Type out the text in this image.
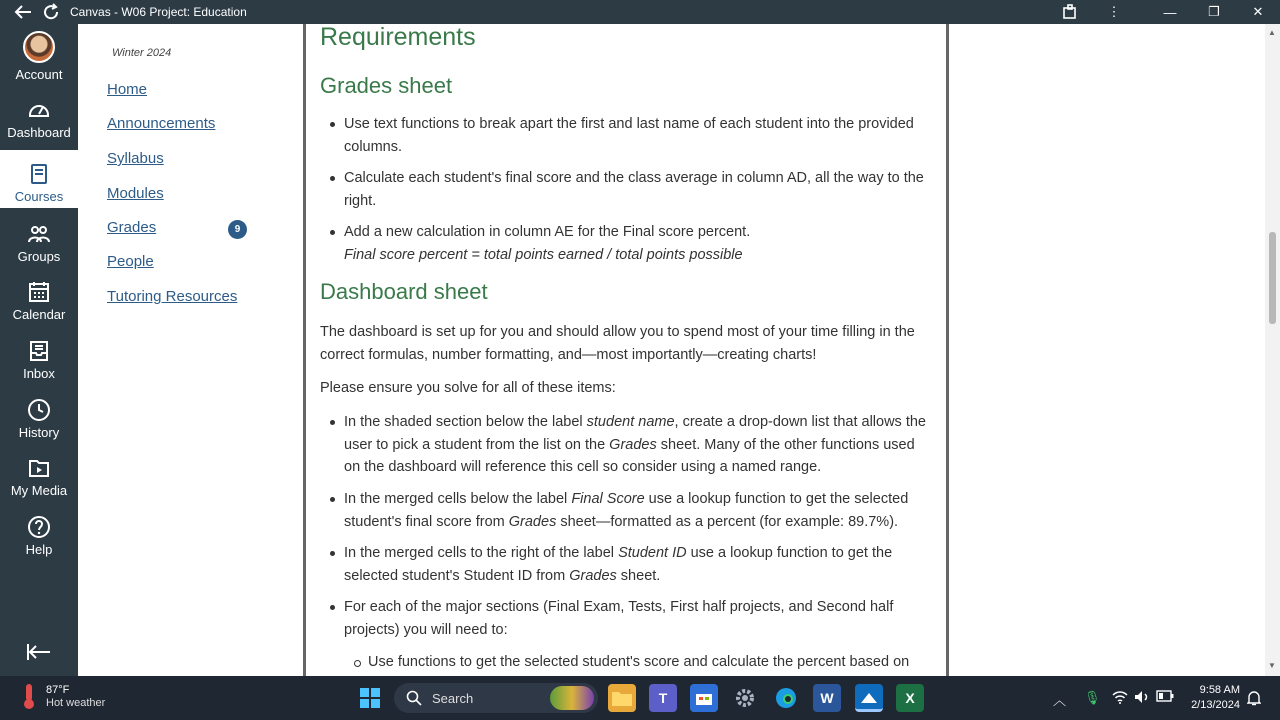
Canvas - W06 Project: Education	⋮	—	❐	✕
Account
Dashboard
Courses
Groups
Calendar
Inbox
History
My Media
Help
Winter 2024
Home
Announcements
Syllabus
Modules
Grades	9
People
Tutoring Resources
Requirements
Grades sheet
Use text functions to break apart the first and last name of each student into the provided columns.
Calculate each student's final score and the class average in column AD, all the way to the right.
Add a new calculation in column AE for the Final score percent.
Final score percent = total points earned / total points possible
Dashboard sheet
The dashboard is set up for you and should allow you to spend most of your time filling in the correct formulas, number formatting, and—most importantly—creating charts!
Please ensure you solve for all of these items:
In the shaded section below the label student name, create a drop-down list that allows the user to pick a student from the list on the Grades sheet. Many of the other functions used on the dashboard will reference this cell so consider using a named range.
In the merged cells below the label Final Score use a lookup function to get the selected student's final score from Grades sheet—formatted as a percent (for example: 89.7%).
In the merged cells to the right of the label Student ID use a lookup function to get the selected student's Student ID from Grades sheet.
For each of the major sections (Final Exam, Tests, First half projects, and Second half projects) you will need to:
Use functions to get the selected student's score and calculate the percent based on
▲
▼
87°F
Hot weather	Search	T	W	X	︿ 🎙	9:58 AM
2/13/2024
